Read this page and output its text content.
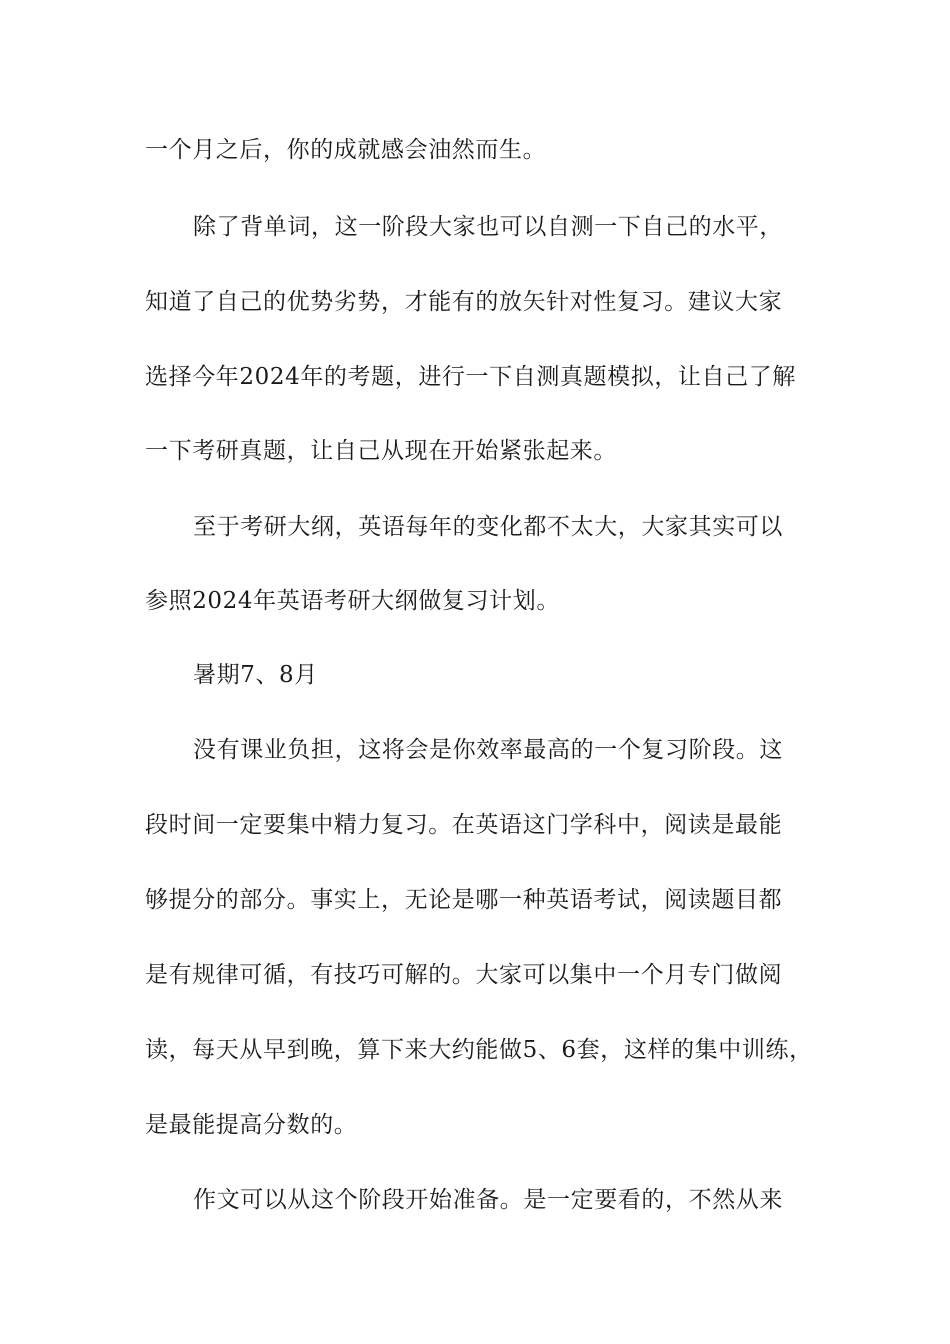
一个月之后，你的成就感会油然而生。
除了背单词，这一阶段大家也可以自测一下自己的水平，
知道了自己的优势劣势，才能有的放矢针对性复习。建议大家
选择今年2024年的考题，进行一下自测真题模拟，让自己了解
一下考研真题，让自己从现在开始紧张起来。
至于考研大纲，英语每年的变化都不太大，大家其实可以
参照2024年英语考研大纲做复习计划。
暑期7、8月
没有课业负担，这将会是你效率最高的一个复习阶段。这
段时间一定要集中精力复习。在英语这门学科中，阅读是最能
够提分的部分。事实上，无论是哪一种英语考试，阅读题目都
是有规律可循，有技巧可解的。大家可以集中一个月专门做阅
读，每天从早到晚，算下来大约能做5、6套，这样的集中训练，
是最能提高分数的。
作文可以从这个阶段开始准备。是一定要看的，不然从来
